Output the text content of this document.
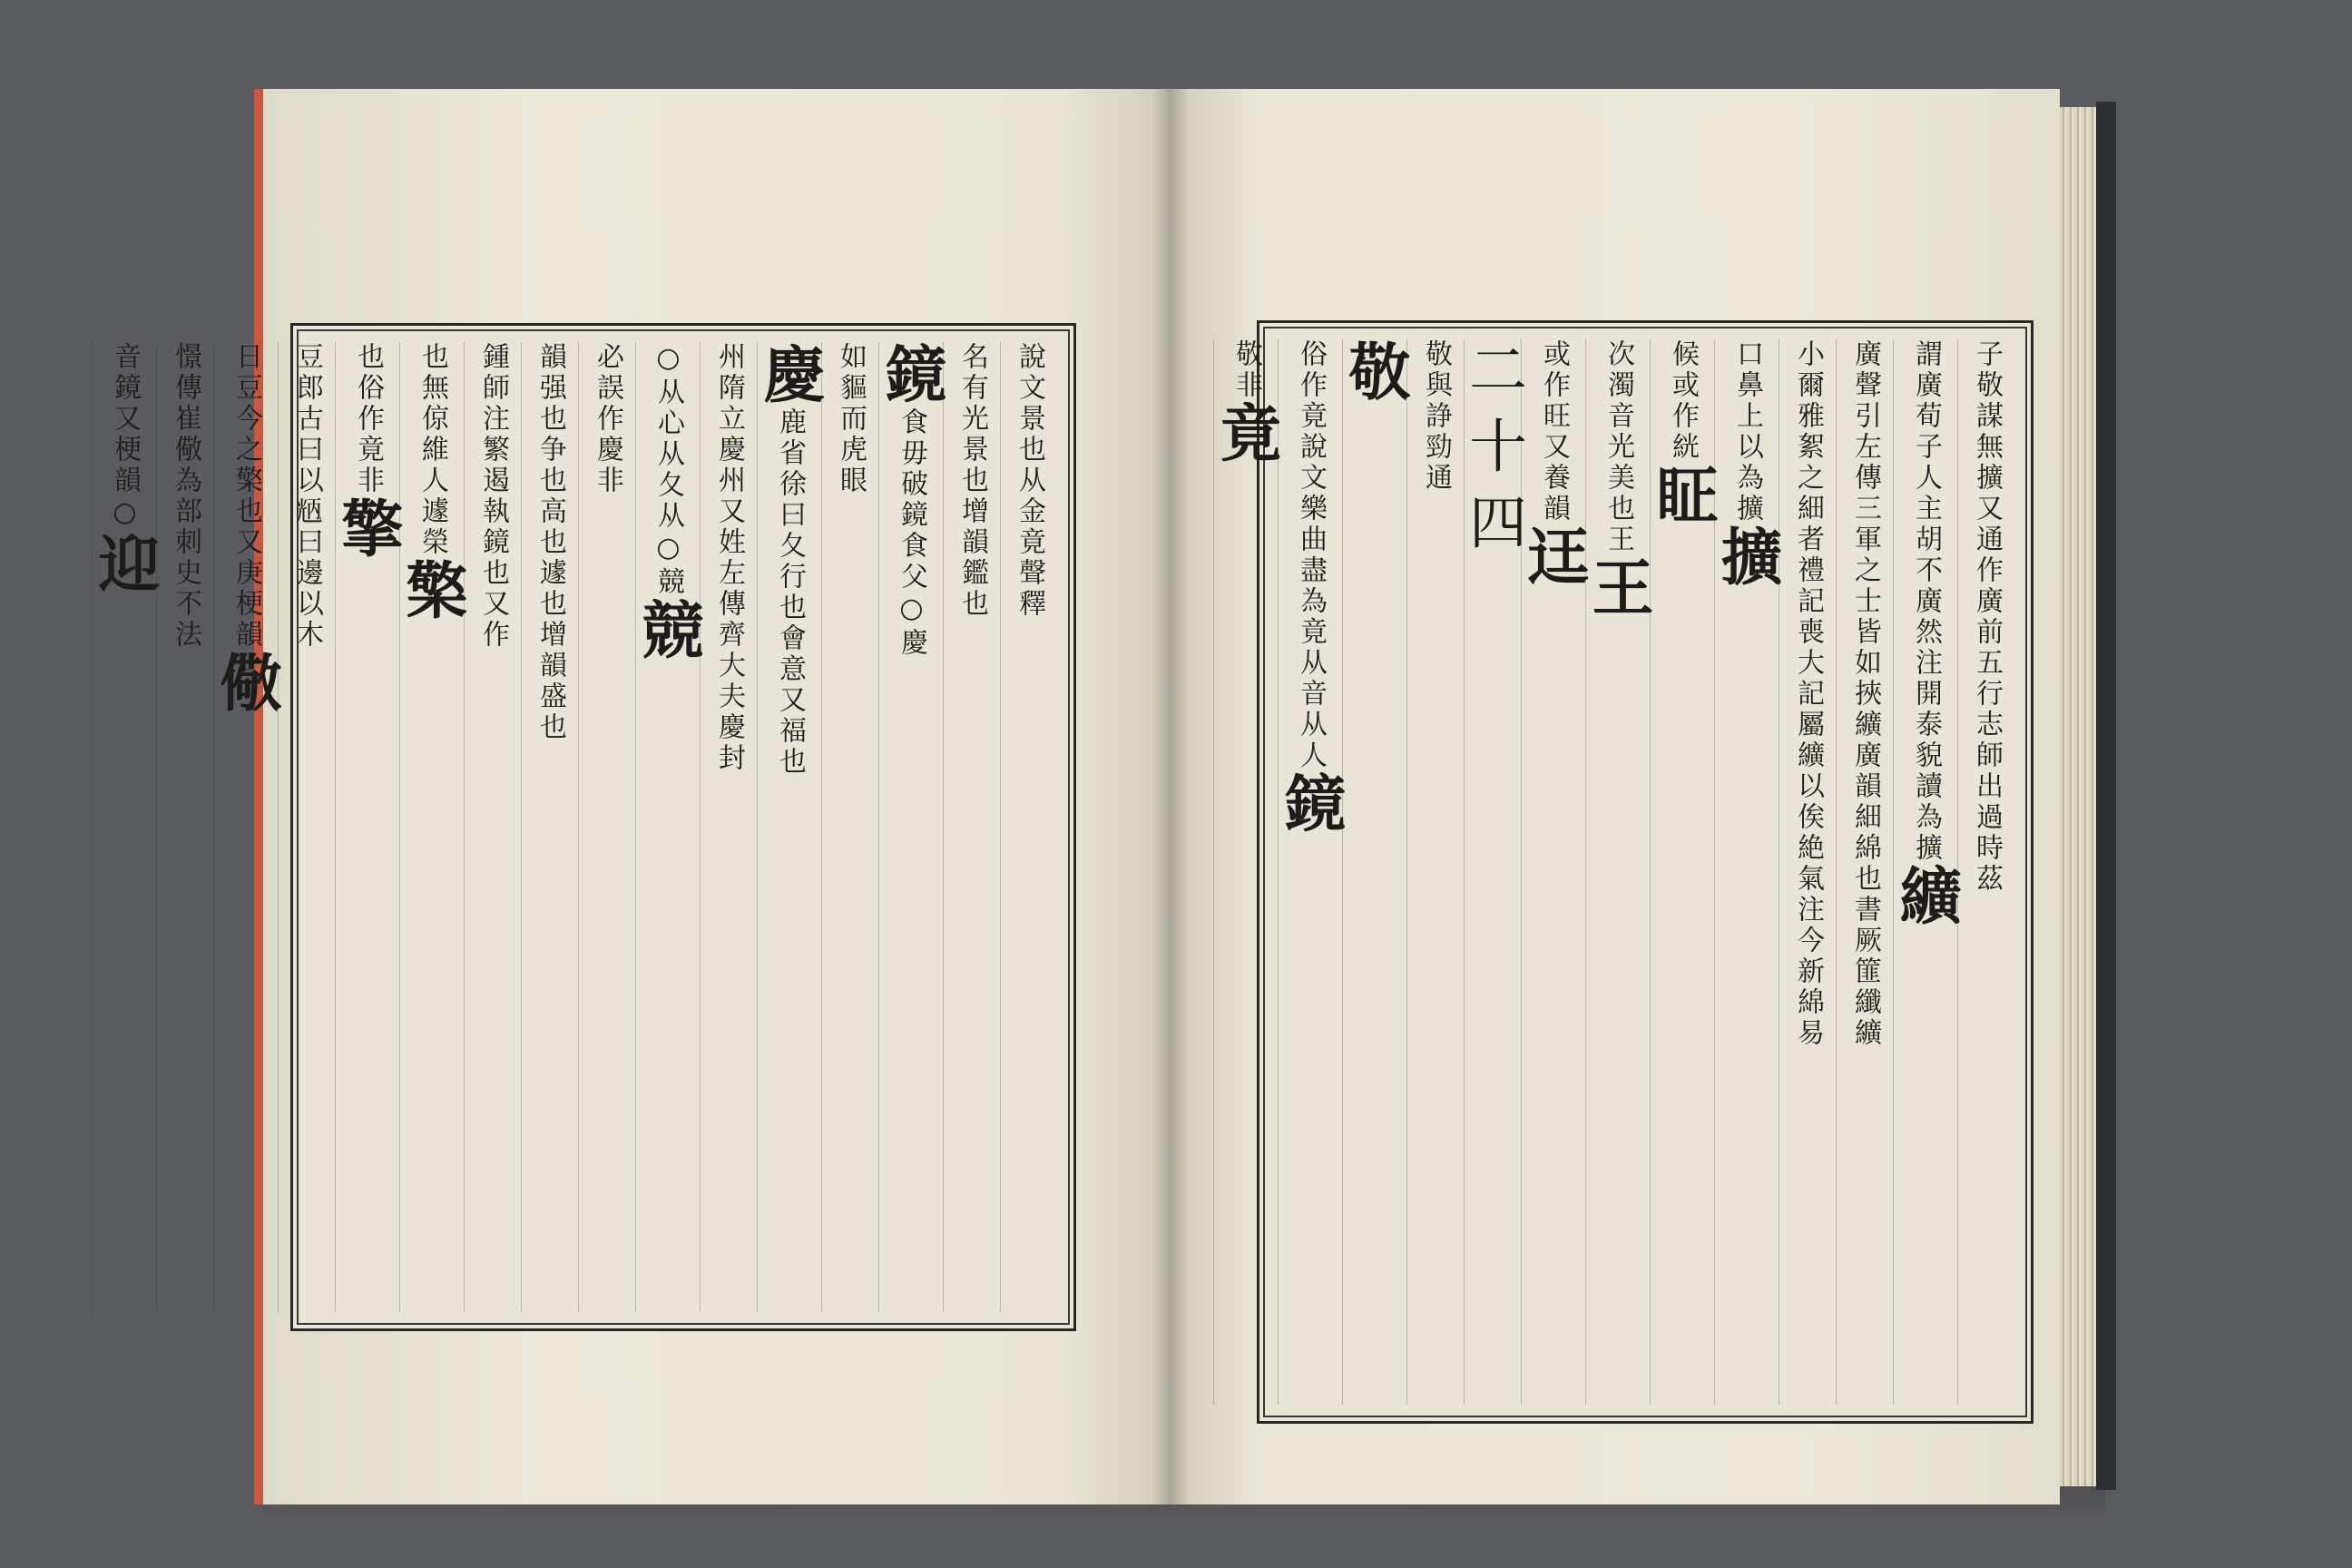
說文景也从金竟聲釋
名有光景也增韻鑑也
鏡食毋破鏡食父○慶
如貙而虎眼
慶鹿省徐曰夂行也會意又福也
州隋立慶州又姓左傳齊大夫慶封
○从心从夂从○競競
必誤作慶非
韻强也争也高也遽也增韻盛也
鍾師注繁遏執鏡也又作
也無倞維人遽榮檠
也俗作竟非擎
豆郎古曰以𠒝曰邊以木
日豆今之檠也又庚梗韻儆
憬傳崔儆為部刺史不法
音鏡又梗韻○迎	子敬謀無擴又通作廣前五行志師出過時茲
謂廣荀子人主胡不廣然注開泰貌讀為擴纊
廣聲引左傳三軍之士皆如挾纊廣韻細綿也書厥篚纖纊
小爾雅絮之細者禮記喪大記屬纊以俟絶氣注今新綿易
口鼻上以為擴擴
候或作絖眐
次濁音光美也王王
或作旺又養韻迋
二十四
敬與諍勁通
敬
俗作竟說文樂曲盡為竟从音从人鏡
敬非竟
